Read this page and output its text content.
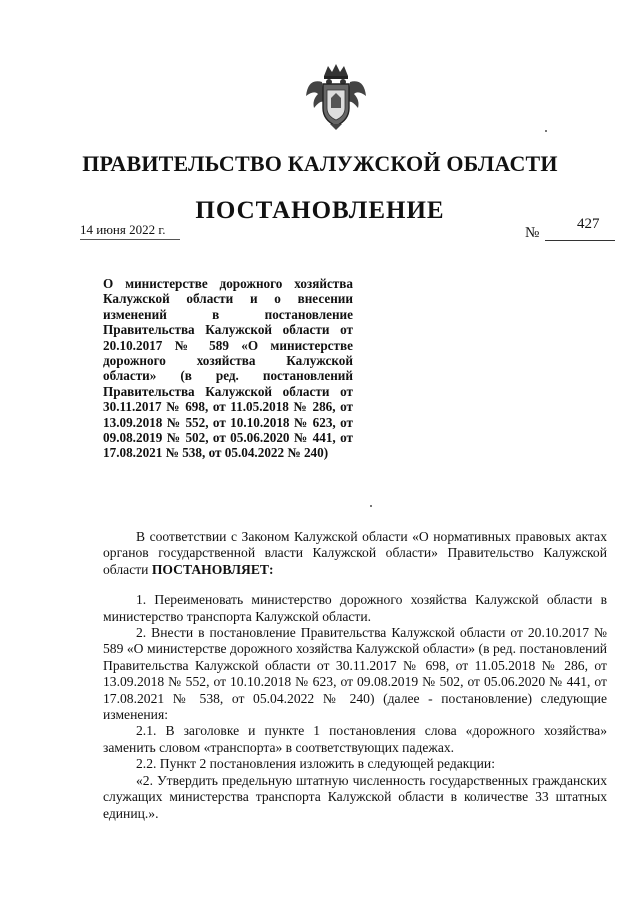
ПРАВИТЕЛЬСТВО КАЛУЖСКОЙ ОБЛАСТИ
ПОСТАНОВЛЕНИЕ
14 июня 2022 г.	№
427

О министерстве дорожного хозяйства Калужской области и о внесении изменений в постановление Правительства Калужской области от 20.10.2017 № 589 «О министерстве дорожного хозяйства Калужской области» (в ред. постановлений Правительства Калужской области от 30.11.2017 № 698, от 11.05.2018 № 286, от 13.09.2018 № 552, от 10.10.2018 № 623, от 09.08.2019 № 502, от 05.06.2020 № 441, от 17.08.2021 № 538, от 05.04.2022 № 240)

В соответствии с Законом Калужской области «О нормативных правовых актах органов государственной власти Калужской области» Правительство Калужской области ПОСТАНОВЛЯЕТ:

1. Переименовать министерство дорожного хозяйства Калужской области в министерство транспорта Калужской области.

2. Внести в постановление Правительства Калужской области от 20.10.2017 № 589 «О министерстве дорожного хозяйства Калужской области» (в ред. постановлений Правительства Калужской области от 30.11.2017 № 698, от 11.05.2018 № 286, от 13.09.2018 № 552, от 10.10.2018 № 623, от 09.08.2019 № 502, от 05.06.2020 № 441, от 17.08.2021 № 538, от 05.04.2022 № 240) (далее - постановление) следующие изменения:

2.1. В заголовке и пункте 1 постановления слова «дорожного хозяйства» заменить словом «транспорта» в соответствующих падежах.

2.2. Пункт 2 постановления изложить в следующей редакции:

«2. Утвердить предельную штатную численность государственных гражданских служащих министерства транспорта Калужской области в количестве 33 штатных единиц.».
